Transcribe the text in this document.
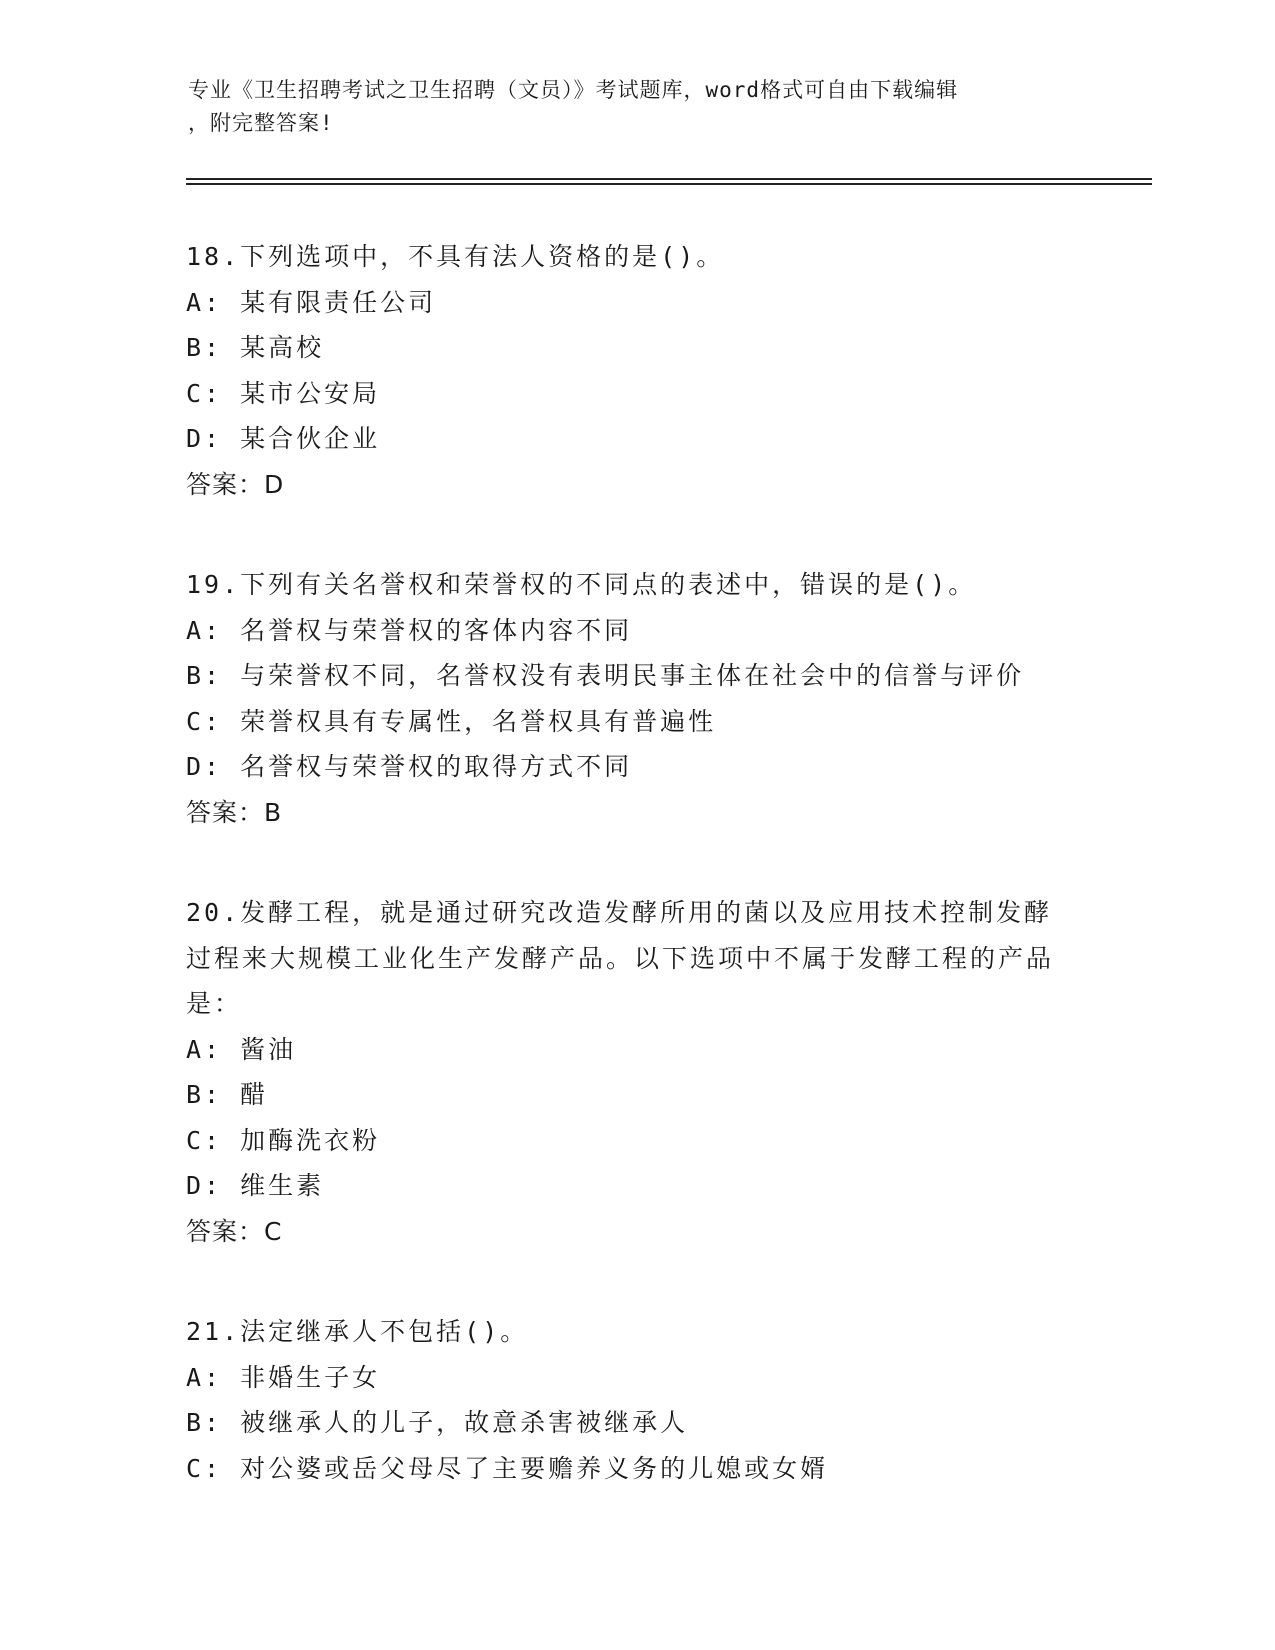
专业《卫生招聘考试之卫生招聘（文员）》考试题库，word格式可自由下载编辑
，附完整答案!

18.下列选项中，不具有法人资格的是()。

A: 某有限责任公司

B: 某高校

C: 某市公安局

D: 某合伙企业

答案：D

19.下列有关名誉权和荣誉权的不同点的表述中，错误的是()。

A: 名誉权与荣誉权的客体内容不同

B: 与荣誉权不同，名誉权没有表明民事主体在社会中的信誉与评价

C: 荣誉权具有专属性，名誉权具有普遍性

D: 名誉权与荣誉权的取得方式不同

答案：B

20.发酵工程，就是通过研究改造发酵所用的菌以及应用技术控制发酵过程来大规模工业化生产发酵产品。以下选项中不属于发酵工程的产品是：

A: 酱油

B: 醋

C: 加酶洗衣粉

D: 维生素

答案：C

21.法定继承人不包括()。

A: 非婚生子女

B: 被继承人的儿子，故意杀害被继承人

C: 对公婆或岳父母尽了主要赡养义务的儿媳或女婿
